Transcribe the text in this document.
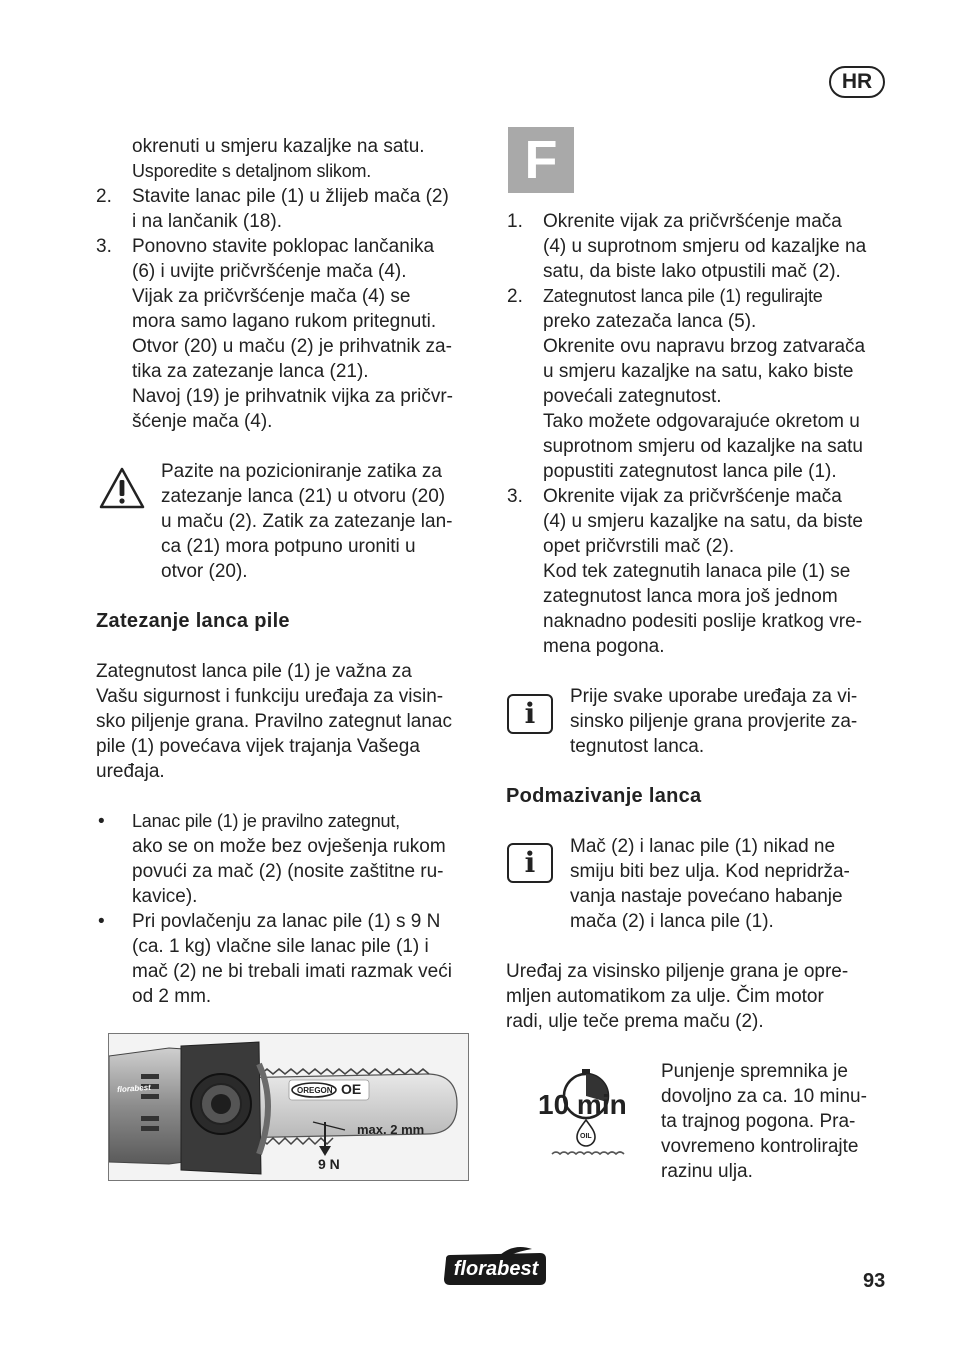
HR

okrenuti u smjeru kazaljke na satu.

Usporedite s detaljnom slikom.

2. Stavite lanac pile (1) u žlijeb mača (2)

i na lančanik (18).

3. Ponovno stavite poklopac lančanika

(6) i uvijte pričvršćenje mača (4).

Vijak za pričvršćenje mača (4) se

mora samo lagano rukom pritegnuti.

Otvor (20) u maču (2) je prihvatnik za-

tika za zatezanje lanca (21).

Navoj (19) je prihvatnik vijka za pričvr-

šćenje mača (4).

Pazite na pozicioniranje zatika za

zatezanje lanca (21) u otvoru (20)

u maču (2). Zatik za zatezanje lan-

ca (21) mora potpuno uroniti u

otvor (20).

Zatezanje lanca pile

Zategnutost lanca pile (1) je važna za

Vašu sigurnost i funkciju uređaja za visin-

sko piljenje grana. Pravilno zategnut lanac

pile (1) povećava vijek trajanja Vašega

uređaja.

• Lanac pile (1) je pravilno zategnut,

ako se on može bez ovješenja rukom

povući za mač (2) (nosite zaštitne ru-

kavice).

• Pri povlačenju za lanac pile (1) s 9 N

(ca. 1 kg) vlačne sile lanac pile (1) i

mač (2) ne bi trebali imati razmak veći

od 2 mm.

florabest	OREGON OE
max. 2 mm
9 N
F
1. Okrenite vijak za pričvršćenje mača

(4) u suprotnom smjeru od kazaljke na

satu, da biste lako otpustili mač (2).

2. Zategnutost lanca pile (1) regulirajte

preko zatezača lanca (5).

Okrenite ovu napravu brzog zatvarača

u smjeru kazaljke na satu, kako biste

povećali zategnutost.

Tako možete odgovarajuće okretom u

suprotnom smjeru od kazaljke na satu

popustiti zategnutost lanca pile (1).

3. Okrenite vijak za pričvršćenje mača

(4) u smjeru kazaljke na satu, da biste

opet pričvrstili mač (2).

Kod tek zategnutih lanaca pile (1) se

zategnutost lanca mora još jednom

naknadno podesiti poslije kratkog vre-

mena pogona.

i

Prije svake uporabe uređaja za vi-

sinsko piljenje grana provjerite za-

tegnutost lanca.

Podmazivanje lanca
i	Mač (2) i lanac pile (1) nikad ne

smiju biti bez ulja. Kod nepridrža-

vanja nastaje povećano habanje

mača (2) i lanca pile (1).

Uređaj za visinsko piljenje grana je opre-

mljen automatikom za ulje. Čim motor

radi, ulje teče prema maču (2).

10 min
OIL

Punjenje spremnika je

dovoljno za ca. 10 minu-

ta trajnog pogona. Pra-

vovremeno kontrolirajte

razinu ulja.

florabest
93
